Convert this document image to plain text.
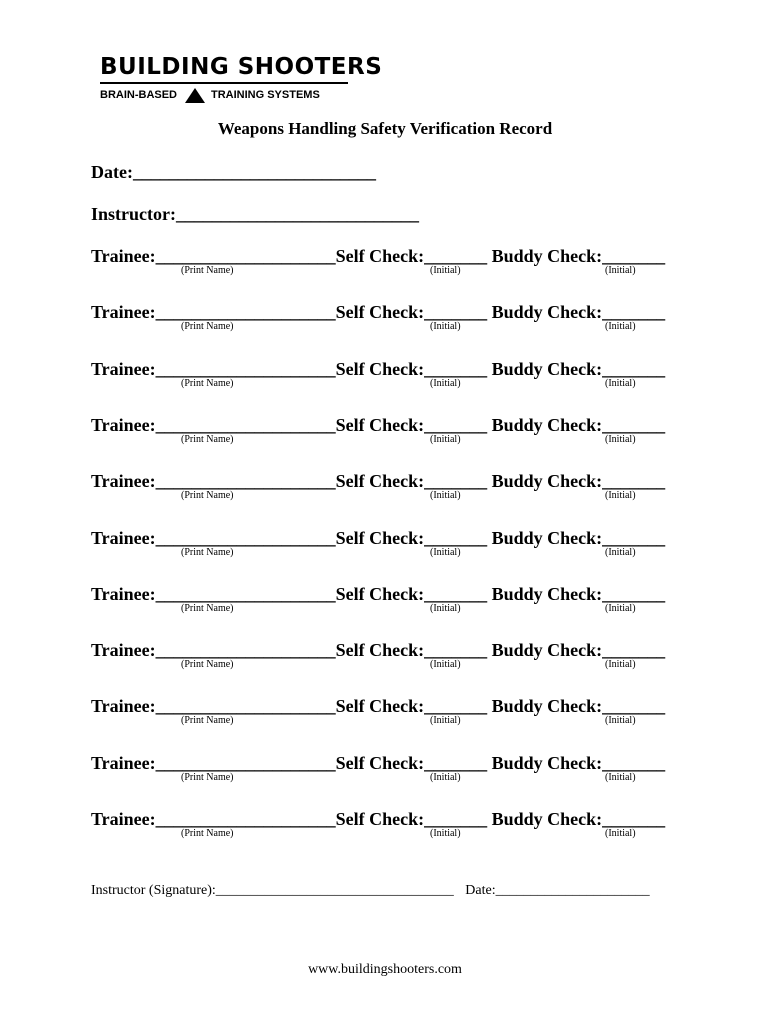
BUILDING SHOOTERS
BRAIN-BASED	TRAINING SYSTEMS
Weapons Handling Safety Verification Record
Date:___________________________
Instructor:___________________________
Trainee:____________________Self Check:_______ Buddy Check:_______
(Print Name)	(Initial)	(Initial)
Trainee:____________________Self Check:_______ Buddy Check:_______
(Print Name)	(Initial)	(Initial)
Trainee:____________________Self Check:_______ Buddy Check:_______
(Print Name)	(Initial)	(Initial)
Trainee:____________________Self Check:_______ Buddy Check:_______
(Print Name)	(Initial)	(Initial)
Trainee:____________________Self Check:_______ Buddy Check:_______
(Print Name)	(Initial)	(Initial)
Trainee:____________________Self Check:_______ Buddy Check:_______
(Print Name)	(Initial)	(Initial)
Trainee:____________________Self Check:_______ Buddy Check:_______
(Print Name)	(Initial)	(Initial)
Trainee:____________________Self Check:_______ Buddy Check:_______
(Print Name)	(Initial)	(Initial)
Trainee:____________________Self Check:_______ Buddy Check:_______
(Print Name)	(Initial)	(Initial)
Trainee:____________________Self Check:_______ Buddy Check:_______
(Print Name)	(Initial)	(Initial)
Trainee:____________________Self Check:_______ Buddy Check:_______
(Print Name)	(Initial)	(Initial)
Instructor (Signature):__________________________________ Date:______________________
www.buildingshooters.com
